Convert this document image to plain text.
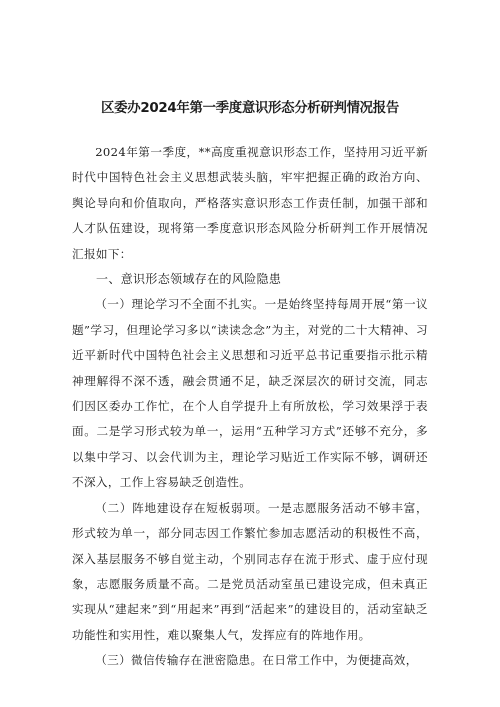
区委办2024年第一季度意识形态分析研判情况报告

2024年第一季度，**高度重视意识形态工作，坚持用习近平新时代中国特色社会主义思想武装头脑，牢牢把握正确的政治方向、舆论导向和价值取向，严格落实意识形态工作责任制，加强干部和人才队伍建设，现将第一季度意识形态风险分析研判工作开展情况汇报如下：

一、意识形态领域存在的风险隐患

（一）理论学习不全面不扎实。一是始终坚持每周开展“第一议题”学习，但理论学习多以“读读念念”为主，对党的二十大精神、习近平新时代中国特色社会主义思想和习近平总书记重要指示批示精神理解得不深不透，融会贯通不足，缺乏深层次的研讨交流，同志们因区委办工作忙，在个人自学提升上有所放松，学习效果浮于表面。二是学习形式较为单一，运用“五种学习方式”还够不充分，多以集中学习、以会代训为主，理论学习贴近工作实际不够，调研还不深入，工作上容易缺乏创造性。

（二）阵地建设存在短板弱项。一是志愿服务活动不够丰富，形式较为单一，部分同志因工作繁忙参加志愿活动的积极性不高，深入基层服务不够自觉主动，个别同志存在流于形式、虚于应付现象，志愿服务质量不高。二是党员活动室虽已建设完成，但未真正实现从“建起来”到“用起来”再到“活起来”的建设目的，活动室缺乏功能性和实用性，难以聚集人气，发挥应有的阵地作用。

（三）微信传输存在泄密隐患。在日常工作中，为便捷高效，
